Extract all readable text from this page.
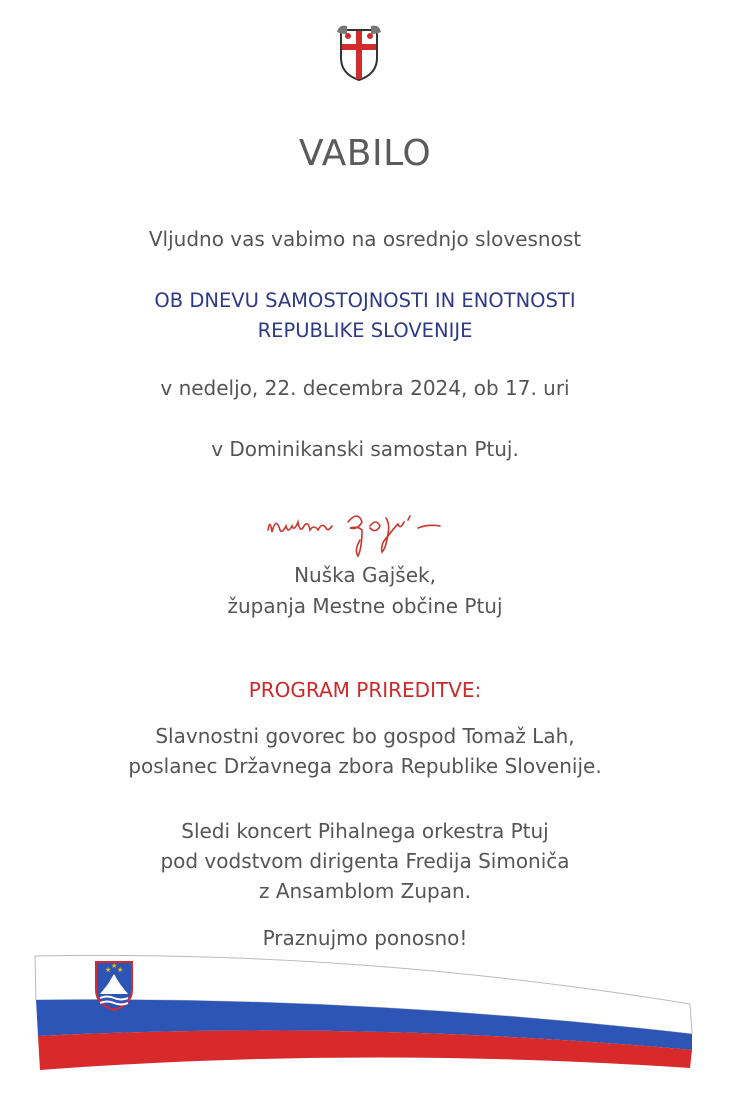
VABILO
Vljudno vas vabimo na osrednjo slovesnost
OB DNEVU SAMOSTOJNOSTI IN ENOTNOSTI
REPUBLIKE SLOVENIJE
v nedeljo, 22. decembra 2024, ob 17. uri
v Dominikanski samostan Ptuj.
Nuška Gajšek,
županja Mestne občine Ptuj
PROGRAM PRIREDITVE:
Slavnostni govorec bo gospod Tomaž Lah,
poslanec Državnega zbora Republike Slovenije.
Sledi koncert Pihalnega orkestra Ptuj
pod vodstvom dirigenta Fredija Simoniča
z Ansamblom Zupan.
Praznujmo ponosno!
★ ★ ★
